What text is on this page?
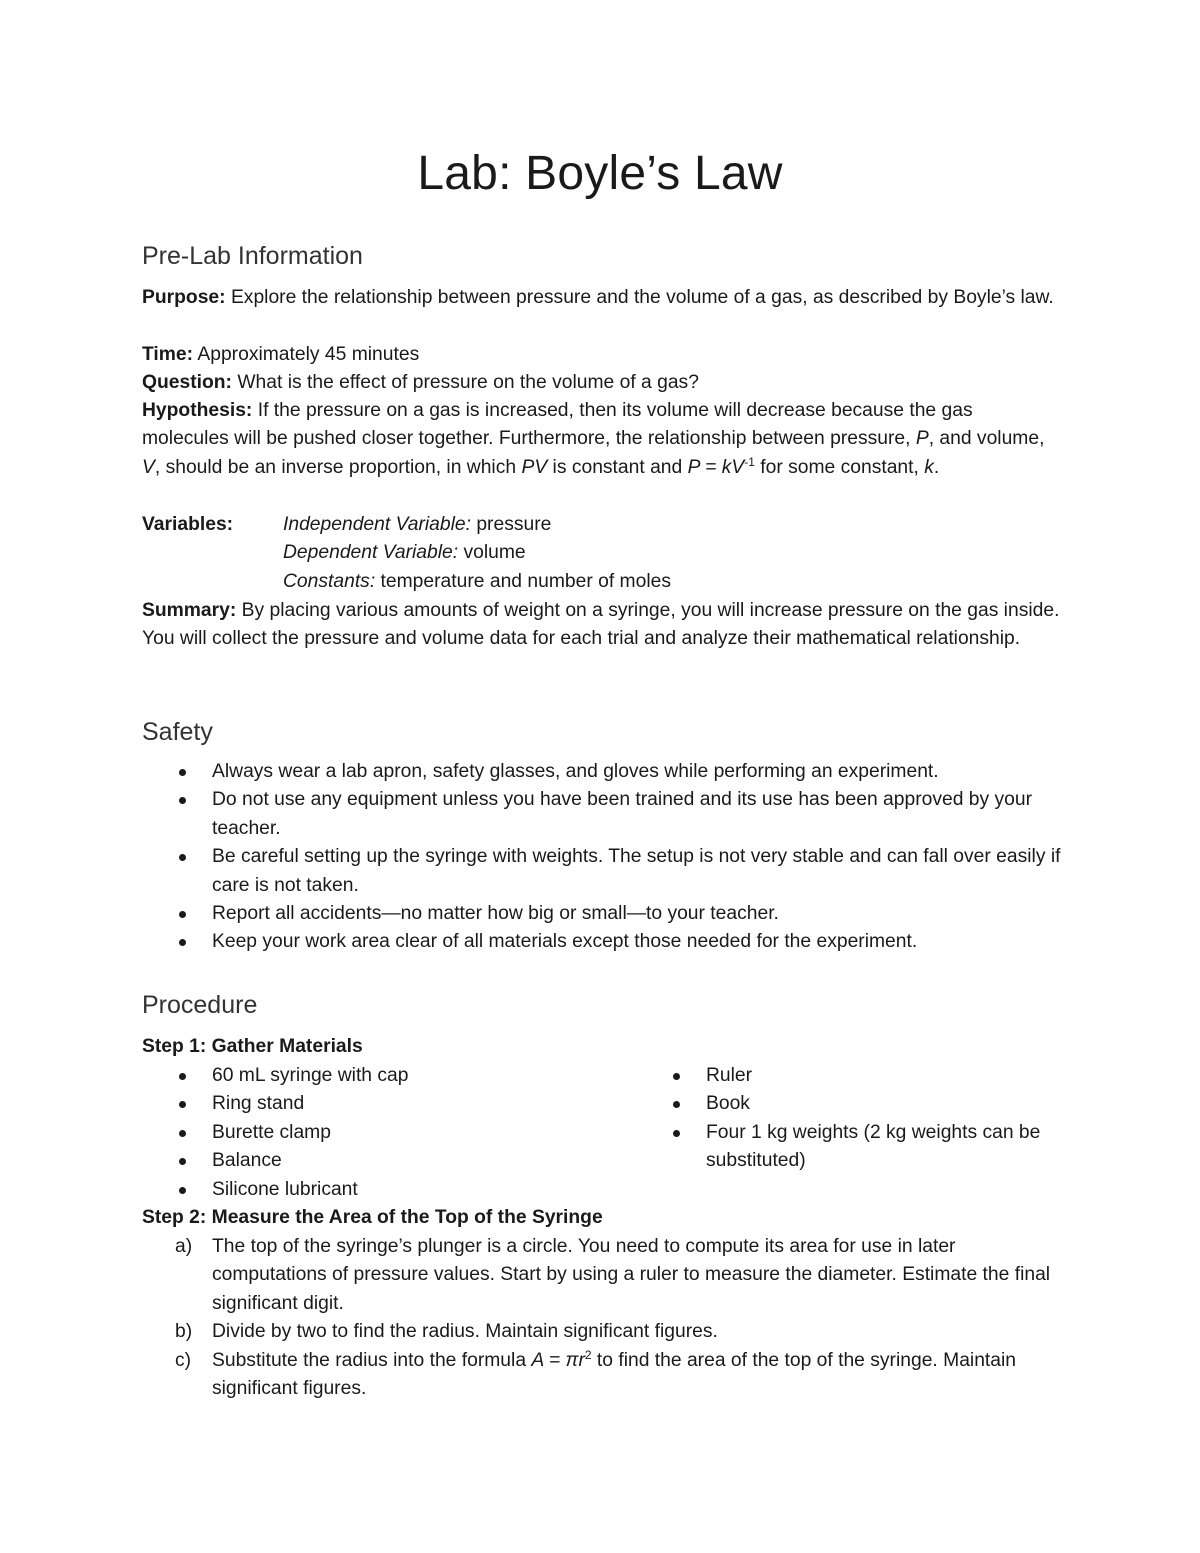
Lab: Boyle’s Law
Pre-Lab Information

Purpose: Explore the relationship between pressure and the volume of a gas, as described by Boyle’s law.

Time: Approximately 45 minutes

Question: What is the effect of pressure on the volume of a gas?

Hypothesis: If the pressure on a gas is increased, then its volume will decrease because the gas molecules will be pushed closer together. Furthermore, the relationship between pressure, P, and volume, V, should be an inverse proportion, in which PV is constant and $P = kV^{-1}$ for some constant, k.

Variables:	Independent Variable: pressure
Dependent Variable: volume
Constants: temperature and number of moles

Summary: By placing various amounts of weight on a syringe, you will increase pressure on the gas inside. You will collect the pressure and volume data for each trial and analyze their mathematical relationship.

Safety
Always wear a lab apron, safety glasses, and gloves while performing an experiment.
Do not use any equipment unless you have been trained and its use has been approved by your teacher.
Be careful setting up the syringe with weights. The setup is not very stable and can fall over easily if care is not taken.
Report all accidents—no matter how big or small—to your teacher.
Keep your work area clear of all materials except those needed for the experiment.
Procedure

Step 1: Gather Materials

60 mL syringe with cap
Ring stand
Burette clamp
Balance
Silicone lubricant
Ruler
Book
Four 1 kg weights (2 kg weights can be substituted)

Step 2: Measure the Area of the Top of the Syringe

a) The top of the syringe’s plunger is a circle. You need to compute its area for use in later computations of pressure values. Start by using a ruler to measure the diameter. Estimate the final significant digit.
b) Divide by two to find the radius. Maintain significant figures.
c) Substitute the radius into the formula $A = \pi r^2$ to find the area of the top of the syringe. Maintain significant figures.
